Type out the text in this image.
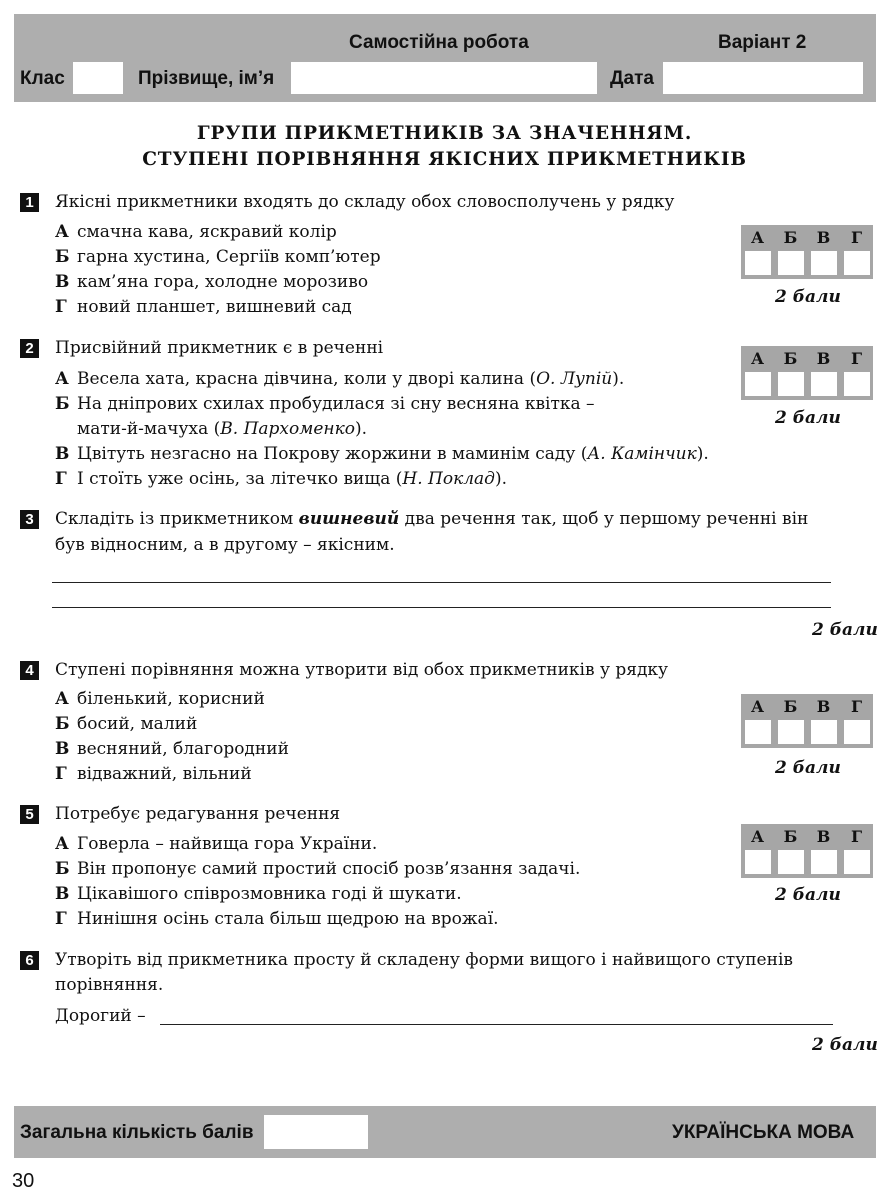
Самостійна робота	Варіант 2
Клас	Прізвище, ім’я	Дата
ГРУПИ ПРИКМЕТНИКІВ ЗА ЗНАЧЕННЯМ.
СТУПЕНІ ПОРІВНЯННЯ ЯКІСНИХ ПРИКМЕТНИКІВ
1	Якісні прикметники входять до складу обох словосполучень у рядку
А смачна кава, яскравий колір
Б гарна хустина, Сергіїв комп’ютер
В кам’яна гора, холодне морозиво
Г новий планшет, вишневий сад
А	Б	В	Г
2 бали
2	Присвійний прикметник є в реченні
А Весела хата, красна дівчина, коли у дворі калина (О. Лупій).
Б На дніпрових схилах пробудилася зі сну весняна квітка –
мати-й-мачуха (В. Пархоменко).
В Цвітуть незгасно на Покрову жоржини в маминім саду (А. Камінчик).
Г І стоїть уже осінь, за літечко вища (Н. Поклад).
А	Б	В	Г
2 бали
3	Складіть із прикметником вишневий два речення так, щоб у першому реченні він
був відносним, а в другому – якісним.
2 бали
4	Ступені порівняння можна утворити від обох прикметників у рядку
А біленький, корисний
Б босий, малий
В весняний, благородний
Г відважний, вільний
А	Б	В	Г
2 бали
5	Потребує редагування речення
А Говерла – найвища гора України.
Б Він пропонує самий простий спосіб розв’язання задачі.
В Цікавішого співрозмовника годі й шукати.
Г Нинішня осінь стала більш щедрою на врожаї.
А	Б	В	Г
2 бали
6	Утворіть від прикметника просту й складену форми вищого і найвищого ступенів
порівняння.
Дорогий –
2 бали
Загальна кількість балів	УКРАЇНСЬКА МОВА
30
